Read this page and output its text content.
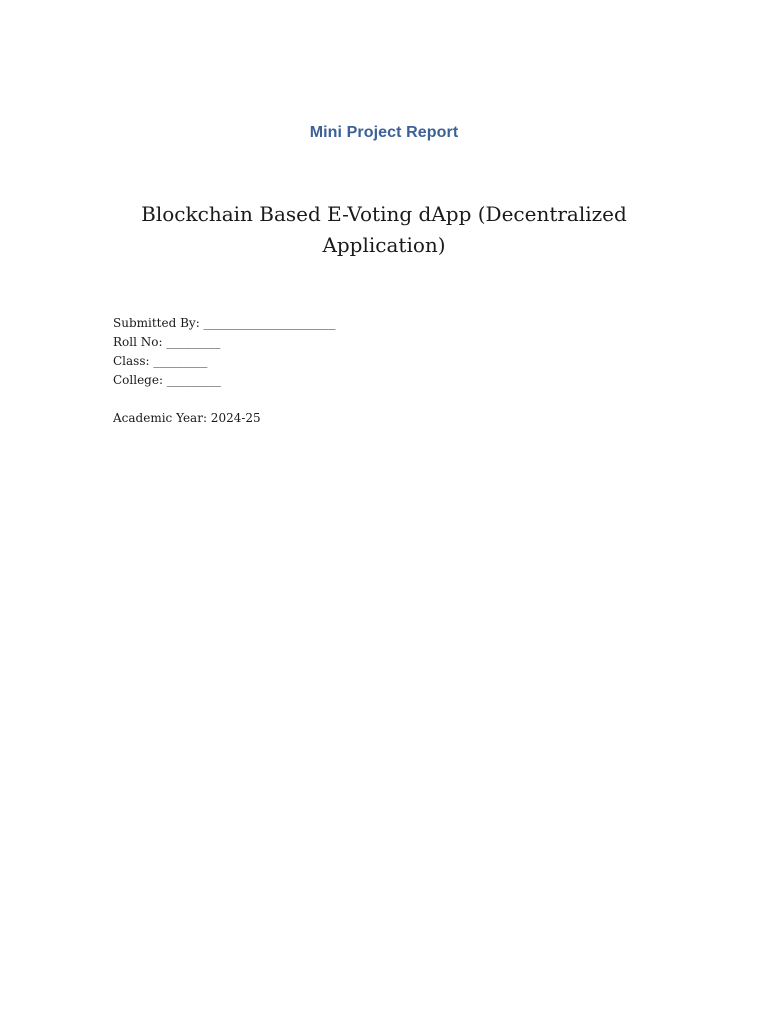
Mini Project Report
Blockchain Based E-Voting dApp (Decentralized Application)
Submitted By: ______________________
Roll No: _________
Class: _________
College: _________
Academic Year: 2024-25
